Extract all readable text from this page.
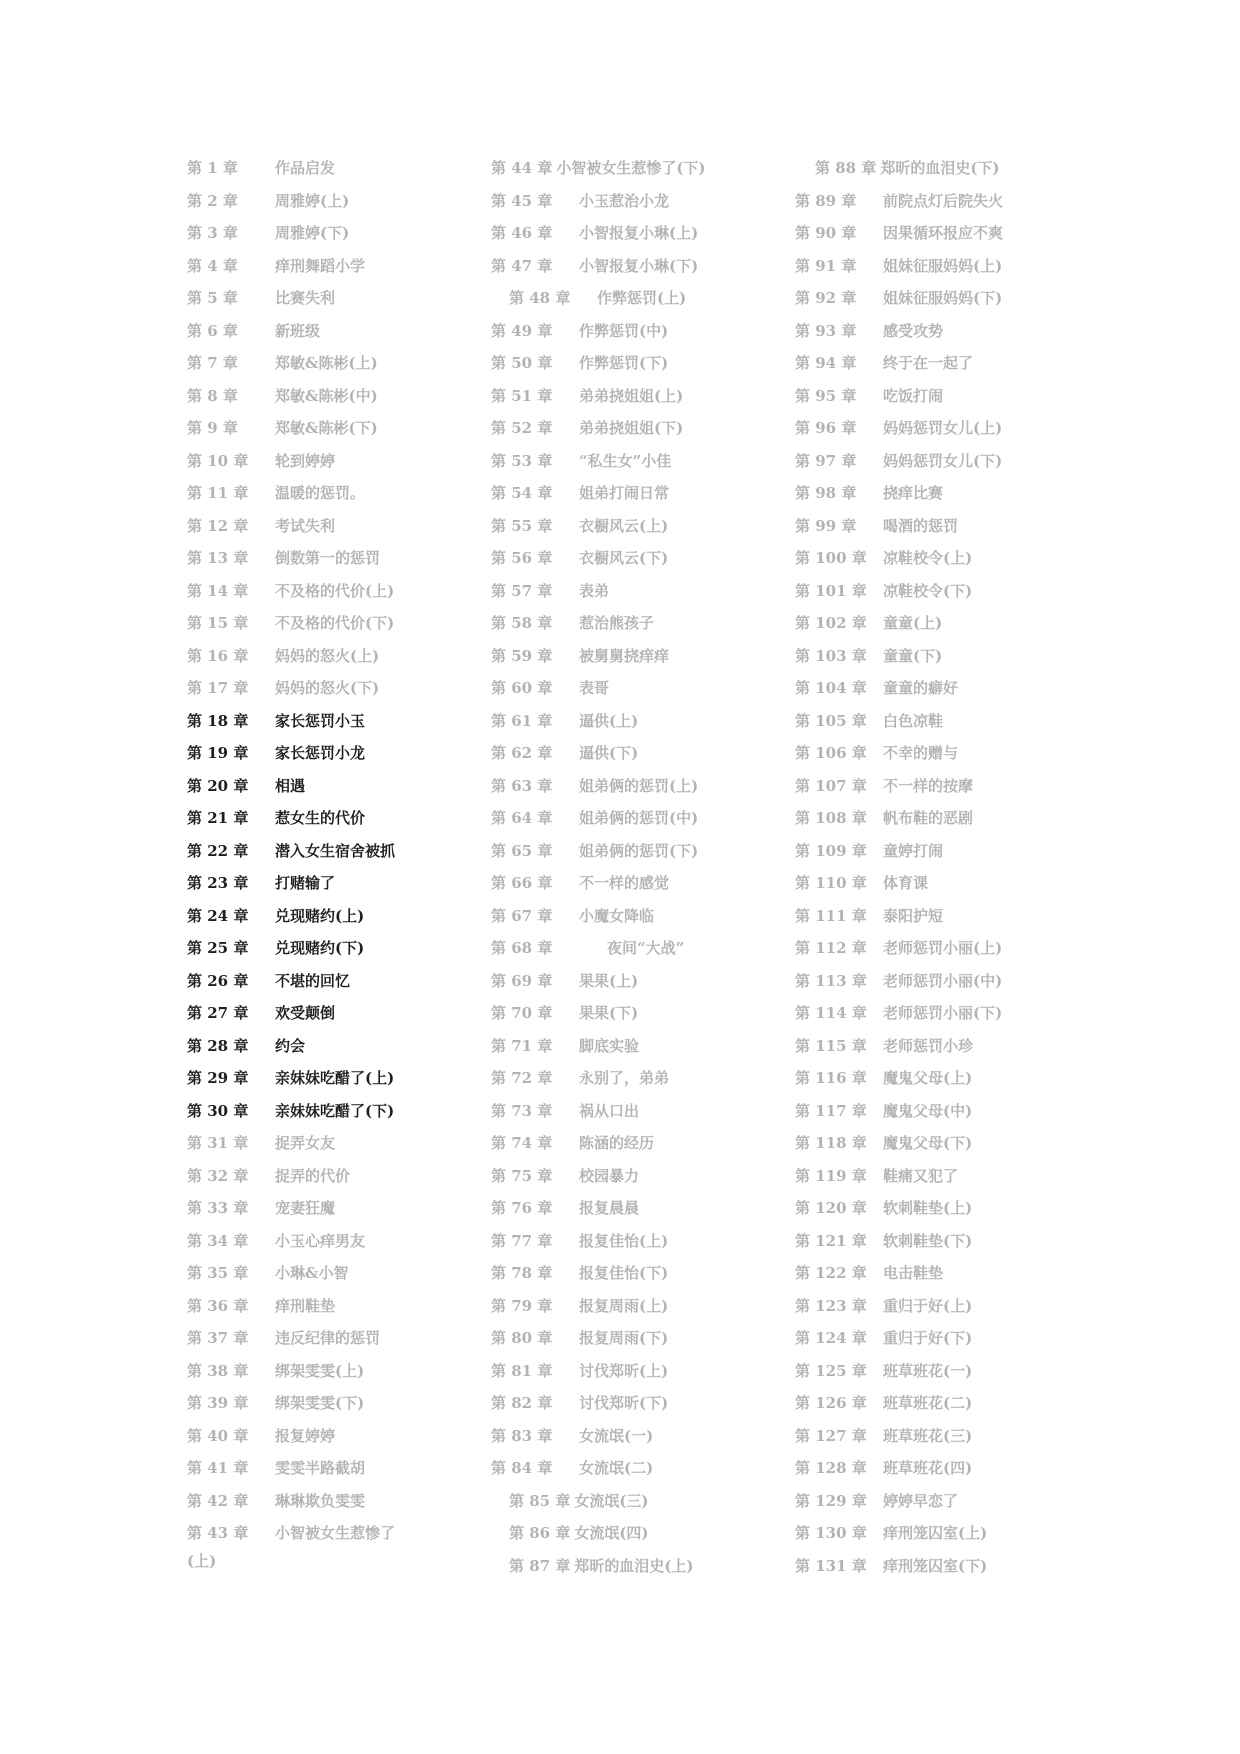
第 1 章 作品启发
第 2 章 周雅婷(上)
第 3 章 周雅婷(下)
第 4 章 痒刑舞蹈小学
第 5 章 比赛失利
第 6 章 新班级
第 7 章 郑敏&陈彬(上)
第 8 章 郑敏&陈彬(中)
第 9 章 郑敏&陈彬(下)
第 10 章 轮到婷婷
第 11 章 温暖的惩罚。
第 12 章 考试失利
第 13 章 倒数第一的惩罚
第 14 章 不及格的代价(上)
第 15 章 不及格的代价(下)
第 16 章 妈妈的怒火(上)
第 17 章 妈妈的怒火(下)
第 18 章 家长惩罚小玉
第 19 章 家长惩罚小龙
第 20 章 相遇
第 21 章 惹女生的代价
第 22 章 潜入女生宿舍被抓
第 23 章 打赌输了
第 24 章 兑现赌约(上)
第 25 章 兑现赌约(下)
第 26 章 不堪的回忆
第 27 章 欢受颠倒
第 28 章 约会
第 29 章 亲妹妹吃醋了(上)
第 30 章 亲妹妹吃醋了(下)
第 31 章 捉弄女友
第 32 章 捉弄的代价
第 33 章 宠妻狂魔
第 34 章 小玉心痒男友
第 35 章 小琳&小智
第 36 章 痒刑鞋垫
第 37 章 违反纪律的惩罚
第 38 章 绑架雯雯(上)
第 39 章 绑架雯雯(下)
第 40 章 报复婷婷
第 41 章 雯雯半路截胡
第 42 章 琳琳欺负雯雯
第 43 章 小智被女生惹惨了
(上)
第 44 章 小智被女生惹惨了(下)
第 45 章 小玉惹治小龙
第 46 章 小智报复小琳(上)
第 47 章 小智报复小琳(下)
第 48 章 作弊惩罚(上)
第 49 章 作弊惩罚(中)
第 50 章 作弊惩罚(下)
第 51 章 弟弟挠姐姐(上)
第 52 章 弟弟挠姐姐(下)
第 53 章 “私生女”小佳
第 54 章 姐弟打闹日常
第 55 章 衣橱风云(上)
第 56 章 衣橱风云(下)
第 57 章 表弟
第 58 章 惹治熊孩子
第 59 章 被舅舅挠痒痒
第 60 章 表哥
第 61 章 逼供(上)
第 62 章 逼供(下)
第 63 章 姐弟俩的惩罚(上)
第 64 章 姐弟俩的惩罚(中)
第 65 章 姐弟俩的惩罚(下)
第 66 章 不一样的感觉
第 67 章 小魔女降临
第 68 章	夜间“大战”
第 69 章 果果(上)
第 70 章 果果(下)
第 71 章 脚底实验
第 72 章 永别了，弟弟
第 73 章 祸从口出
第 74 章 陈涵的经历
第 75 章 校园暴力
第 76 章 报复晨晨
第 77 章 报复佳怡(上)
第 78 章 报复佳怡(下)
第 79 章 报复周雨(上)
第 80 章 报复周雨(下)
第 81 章 讨伐郑昕(上)
第 82 章 讨伐郑昕(下)
第 83 章 女流氓(一)
第 84 章 女流氓(二)
第 85 章 女流氓(三)
第 86 章 女流氓(四)
第 87 章 郑昕的血泪史(上)
第 88 章 郑昕的血泪史(下)
第 89 章 前院点灯后院失火
第 90 章 因果循环报应不爽
第 91 章 姐妹征服妈妈(上)
第 92 章 姐妹征服妈妈(下)
第 93 章 感受攻势
第 94 章 终于在一起了
第 95 章 吃饭打闹
第 96 章 妈妈惩罚女儿(上)
第 97 章 妈妈惩罚女儿(下)
第 98 章 挠痒比赛
第 99 章 喝酒的惩罚
第 100 章 凉鞋校令(上)
第 101 章 凉鞋校令(下)
第 102 章 童童(上)
第 103 章 童童(下)
第 104 章 童童的癖好
第 105 章 白色凉鞋
第 106 章 不幸的赠与
第 107 章 不一样的按摩
第 108 章 帆布鞋的恶剧
第 109 章 童婷打闹
第 110 章 体育课
第 111 章 泰阳护短
第 112 章 老师惩罚小丽(上)
第 113 章 老师惩罚小丽(中)
第 114 章 老师惩罚小丽(下)
第 115 章 老师惩罚小珍
第 116 章 魔鬼父母(上)
第 117 章 魔鬼父母(中)
第 118 章 魔鬼父母(下)
第 119 章 鞋痛又犯了
第 120 章 软刺鞋垫(上)
第 121 章 软刺鞋垫(下)
第 122 章 电击鞋垫
第 123 章 重归于好(上)
第 124 章 重归于好(下)
第 125 章 班草班花(一)
第 126 章 班草班花(二)
第 127 章 班草班花(三)
第 128 章 班草班花(四)
第 129 章 婷婷早恋了
第 130 章 痒刑笼囚室(上)
第 131 章 痒刑笼囚室(下)
